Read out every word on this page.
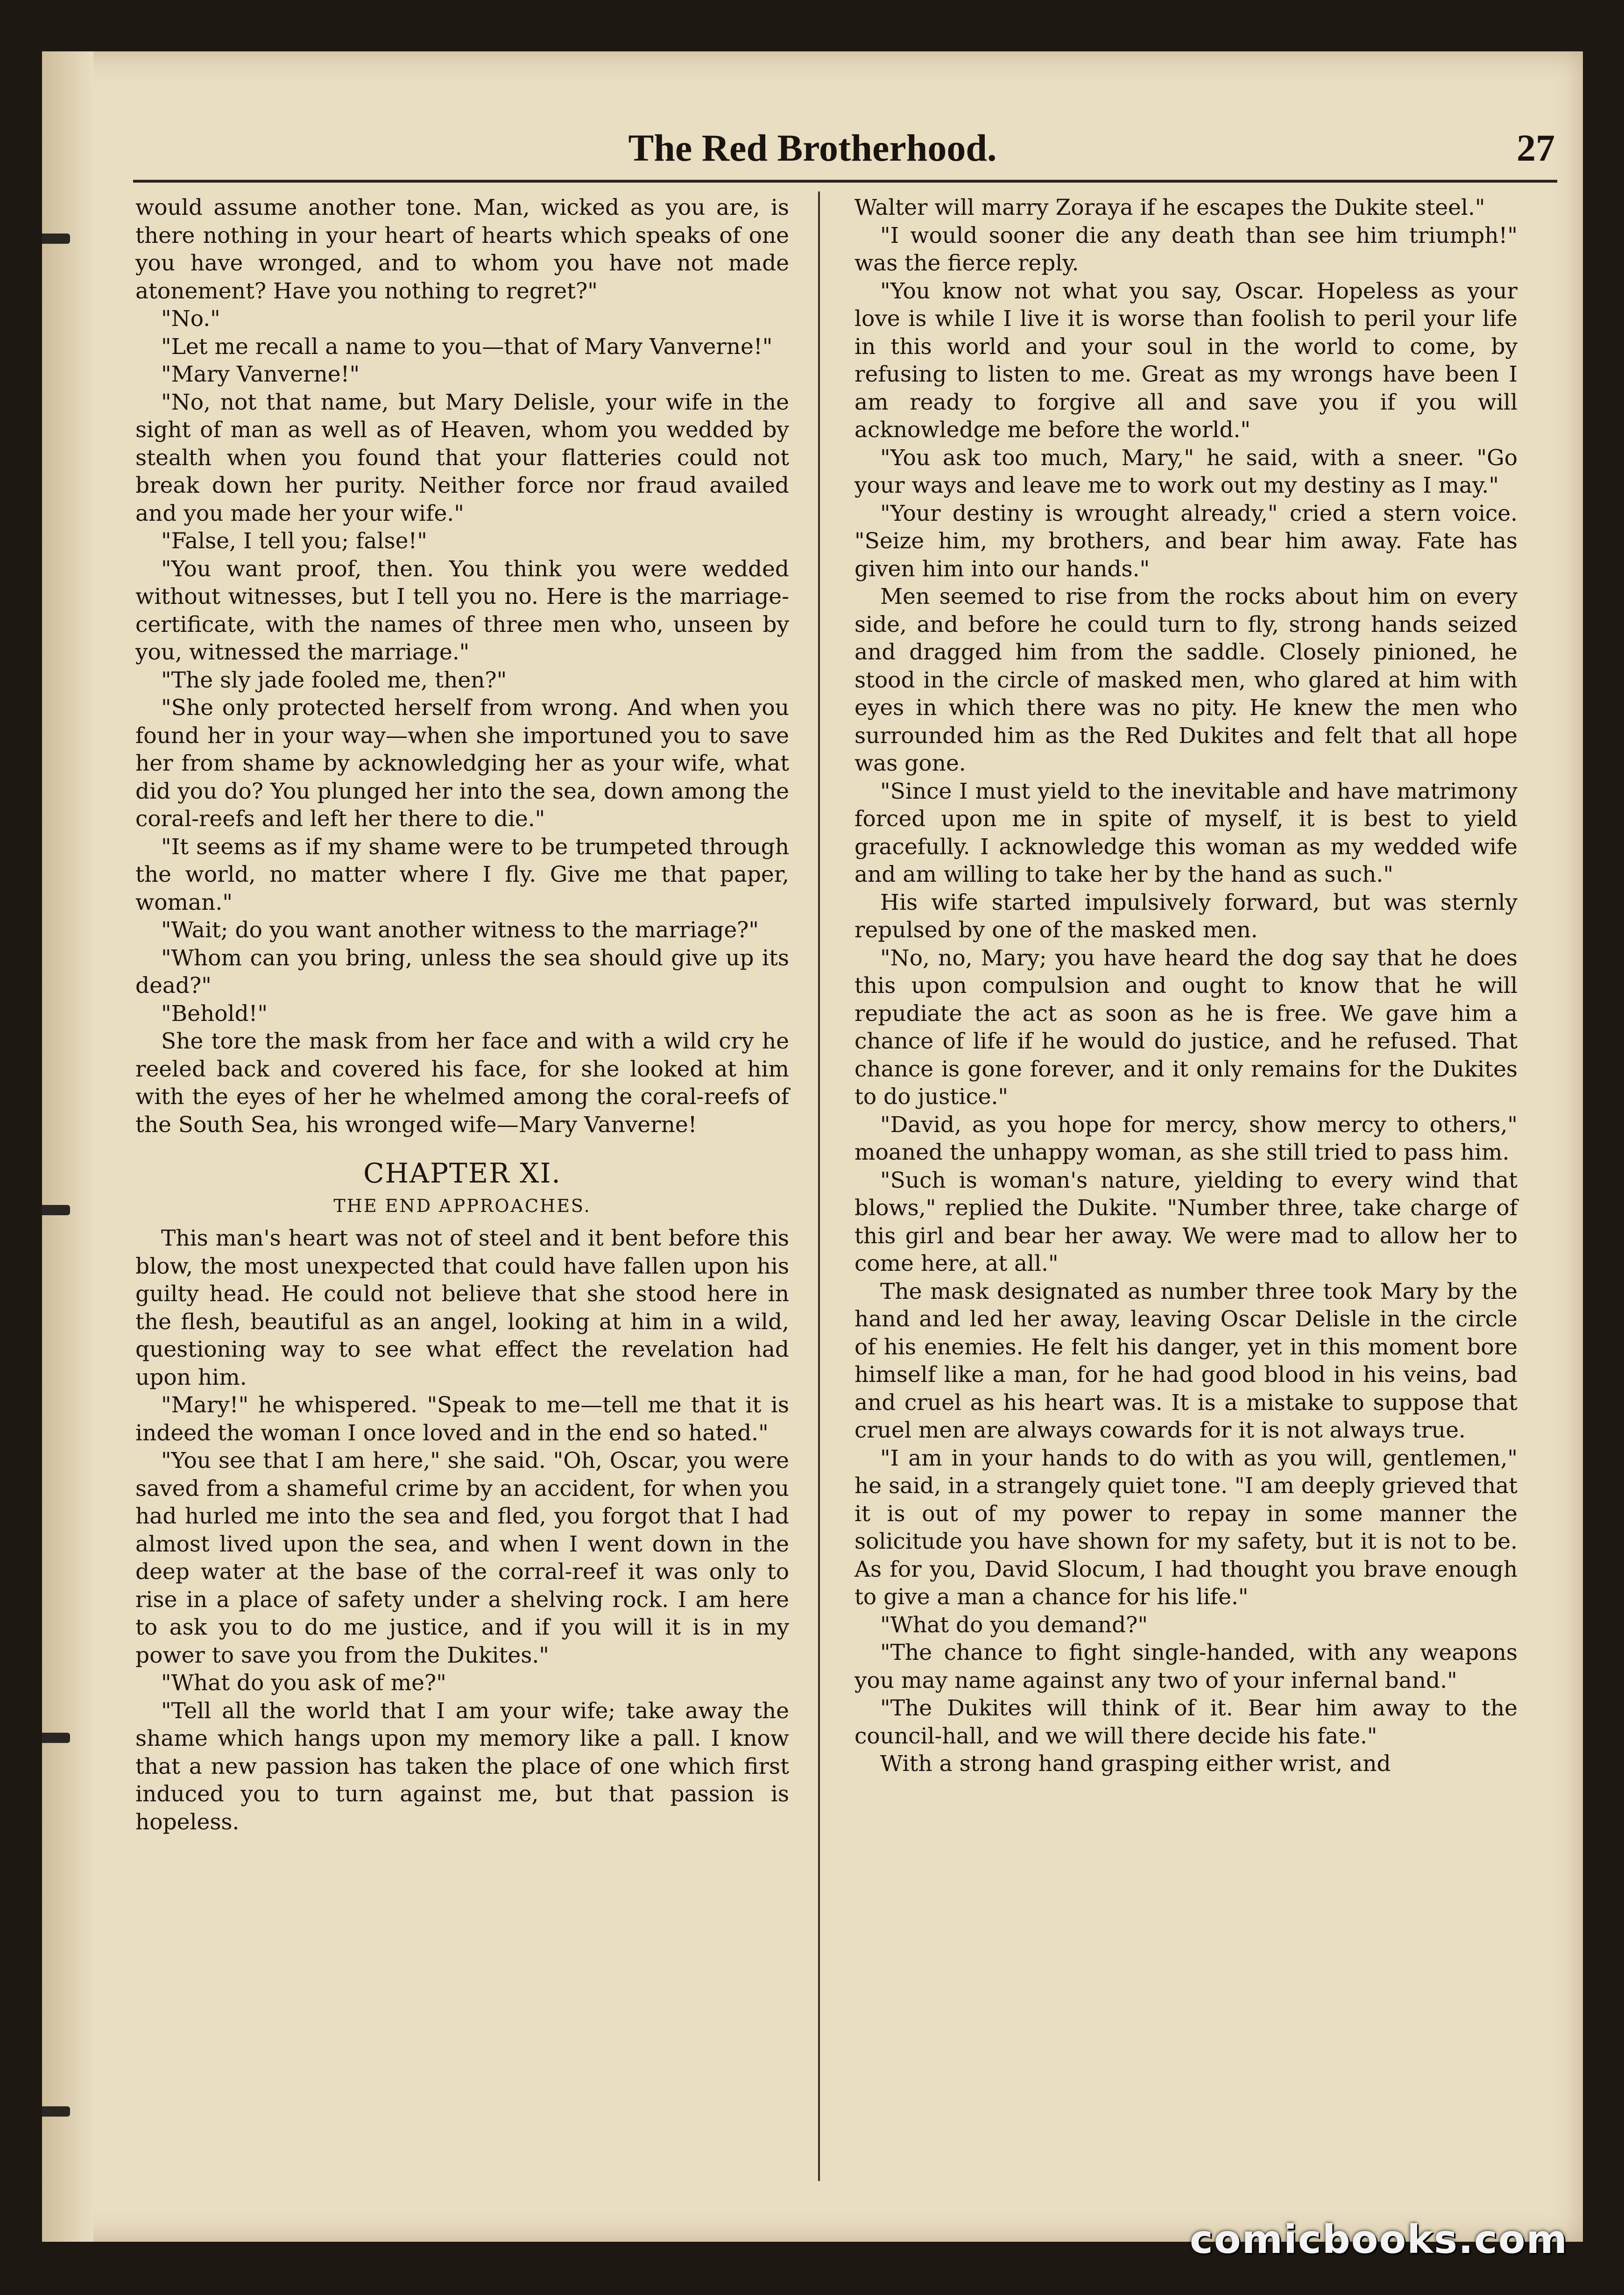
The Red Brotherhood.	27

would assume another tone. Man, wicked as you are, is there nothing in your heart of hearts which speaks of one you have wronged, and to whom you have not made atonement? Have you nothing to regret?"

"No."

"Let me recall a name to you—that of Mary Vanverne!"

"Mary Vanverne!"

"No, not that name, but Mary Delisle, your wife in the sight of man as well as of Heaven, whom you wedded by stealth when you found that your flatteries could not break down her purity. Neither force nor fraud availed and you made her your wife."

"False, I tell you; false!"

"You want proof, then. You think you were wedded without witnesses, but I tell you no. Here is the marriage-certificate, with the names of three men who, unseen by you, witnessed the marriage."

"The sly jade fooled me, then?"

"She only protected herself from wrong. And when you found her in your way—when she importuned you to save her from shame by acknowledging her as your wife, what did you do? You plunged her into the sea, down among the coral-reefs and left her there to die."

"It seems as if my shame were to be trumpeted through the world, no matter where I fly. Give me that paper, woman."

"Wait; do you want another witness to the marriage?"

"Whom can you bring, unless the sea should give up its dead?"

"Behold!"

She tore the mask from her face and with a wild cry he reeled back and covered his face, for she looked at him with the eyes of her he whelmed among the coral-reefs of the South Sea, his wronged wife—Mary Vanverne!

CHAPTER XI.
THE END APPROACHES.

This man's heart was not of steel and it bent before this blow, the most unexpected that could have fallen upon his guilty head. He could not believe that she stood here in the flesh, beautiful as an angel, looking at him in a wild, questioning way to see what effect the revelation had upon him.

"Mary!" he whispered. "Speak to me—tell me that it is indeed the woman I once loved and in the end so hated."

"You see that I am here," she said. "Oh, Oscar, you were saved from a shameful crime by an accident, for when you had hurled me into the sea and fled, you forgot that I had almost lived upon the sea, and when I went down in the deep water at the base of the corral-reef it was only to rise in a place of safety under a shelving rock. I am here to ask you to do me justice, and if you will it is in my power to save you from the Dukites."

"What do you ask of me?"

"Tell all the world that I am your wife; take away the shame which hangs upon my memory like a pall. I know that a new passion has taken the place of one which first induced you to turn against me, but that passion is hopeless.

Walter will marry Zoraya if he escapes the Dukite steel."

"I would sooner die any death than see him triumph!" was the fierce reply.

"You know not what you say, Oscar. Hopeless as your love is while I live it is worse than foolish to peril your life in this world and your soul in the world to come, by refusing to listen to me. Great as my wrongs have been I am ready to forgive all and save you if you will acknowledge me before the world."

"You ask too much, Mary," he said, with a sneer. "Go your ways and leave me to work out my destiny as I may."

"Your destiny is wrought already," cried a stern voice. "Seize him, my brothers, and bear him away. Fate has given him into our hands."

Men seemed to rise from the rocks about him on every side, and before he could turn to fly, strong hands seized and dragged him from the saddle. Closely pinioned, he stood in the circle of masked men, who glared at him with eyes in which there was no pity. He knew the men who surrounded him as the Red Dukites and felt that all hope was gone.

"Since I must yield to the inevitable and have matrimony forced upon me in spite of myself, it is best to yield gracefully. I acknowledge this woman as my wedded wife and am willing to take her by the hand as such."

His wife started impulsively forward, but was sternly repulsed by one of the masked men.

"No, no, Mary; you have heard the dog say that he does this upon compulsion and ought to know that he will repudiate the act as soon as he is free. We gave him a chance of life if he would do justice, and he refused. That chance is gone forever, and it only remains for the Dukites to do justice."

"David, as you hope for mercy, show mercy to others," moaned the unhappy woman, as she still tried to pass him.

"Such is woman's nature, yielding to every wind that blows," replied the Dukite. "Number three, take charge of this girl and bear her away. We were mad to allow her to come here, at all."

The mask designated as number three took Mary by the hand and led her away, leaving Oscar Delisle in the circle of his enemies. He felt his danger, yet in this moment bore himself like a man, for he had good blood in his veins, bad and cruel as his heart was. It is a mistake to suppose that cruel men are always cowards for it is not always true.

"I am in your hands to do with as you will, gentlemen," he said, in a strangely quiet tone. "I am deeply grieved that it is out of my power to repay in some manner the solicitude you have shown for my safety, but it is not to be. As for you, David Slocum, I had thought you brave enough to give a man a chance for his life."

"What do you demand?"

"The chance to fight single-handed, with any weapons you may name against any two of your infernal band."

"The Dukites will think of it. Bear him away to the council-hall, and we will there decide his fate."

With a strong hand grasping either wrist, and

comicbooks.com
